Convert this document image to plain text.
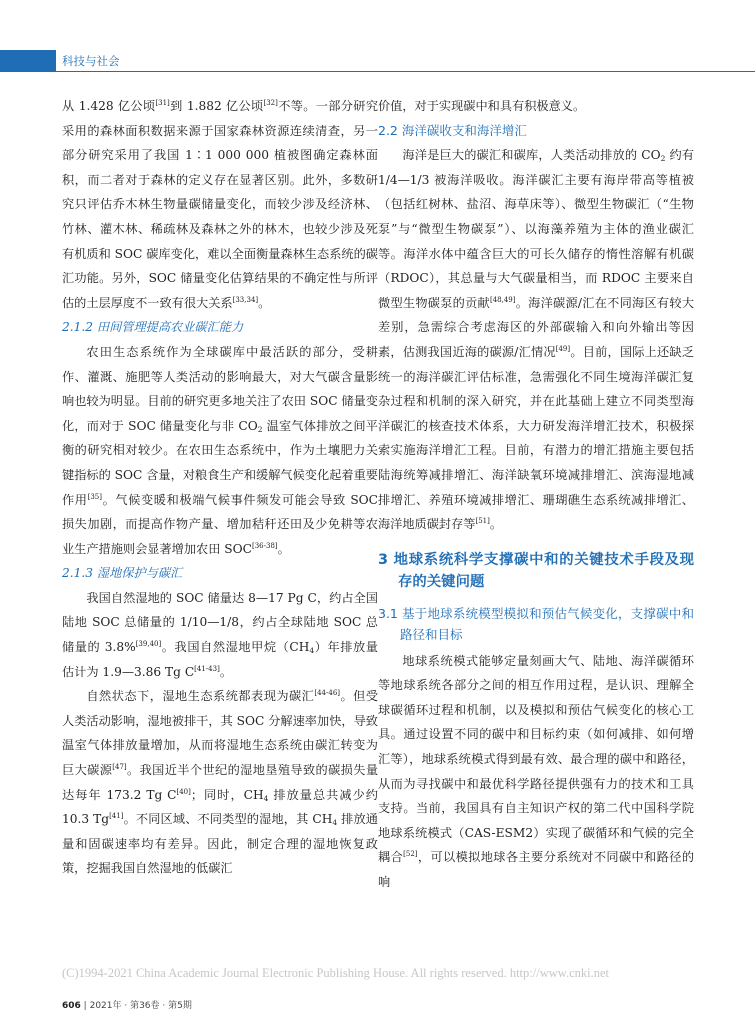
科技与社会

从 1.428 亿公顷[31]到 1.882 亿公顷[32]不等。一部分研究采用的森林面积数据来源于国家森林资源连续清查，另一部分研究采用了我国 1∶1 000 000 植被图确定森林面积，而二者对于森林的定义存在显著区别。此外，多数研究只评估乔木林生物量碳储量变化，而较少涉及经济林、竹林、灌木林、稀疏林及森林之外的林木，也较少涉及死有机质和 SOC 碳库变化，难以全面衡量森林生态系统的碳汇功能。另外，SOC 储量变化估算结果的不确定性与所评估的土层厚度不一致有很大关系[33,34]。

2.1.2 田间管理提高农业碳汇能力

农田生态系统作为全球碳库中最活跃的部分，受耕作、灌溉、施肥等人类活动的影响最大，对大气碳含量影响也较为明显。目前的研究更多地关注了农田 SOC 储量变化，而对于 SOC 储量变化与非 $CO_2$ 温室气体排放之间平衡的研究相对较少。在农田生态系统中，作为土壤肥力关键指标的 SOC 含量，对粮食生产和缓解气候变化起着重要作用[35]。气候变暖和极端气候事件频发可能会导致 SOC 损失加剧，而提高作物产量、增加秸秆还田及少免耕等农业生产措施则会显著增加农田 SOC[36-38]。

2.1.3 湿地保护与碳汇

我国自然湿地的 SOC 储量达 8—17 Pg C，约占全国陆地 SOC 总储量的 1/10—1/8，约占全球陆地 SOC 总储量的 3.8%[39,40]。我国自然湿地甲烷$(CH_4)$年排放量估计为 1.9—3.86 Tg C[41-43]。

自然状态下，湿地生态系统都表现为碳汇[44-46]。但受人类活动影响，湿地被排干，其 SOC 分解速率加快，导致温室气体排放量增加，从而将湿地生态系统由碳汇转变为巨大碳源[47]。我国近半个世纪的湿地垦殖导致的碳损失量达每年 173.2 Tg C[40]；同时，$CH_4$ 排放量总共减少约 10.3 Tg[41]。不同区域、不同类型的湿地，其 $CH_4$ 排放通量和固碳速率均有差异。因此，制定合理的湿地恢复政策，挖掘我国自然湿地的低碳汇

价值，对于实现碳中和具有积极意义。

2.2 海洋碳收支和海洋增汇

海洋是巨大的碳汇和碳库，人类活动排放的 $CO_2$ 约有 1/4—1/3 被海洋吸收。海洋碳汇主要有海岸带高等植被（包括红树林、盐沼、海草床等）、微型生物碳汇（“生物泵”与“微型生物碳泵”）、以海藻养殖为主体的渔业碳汇等。海洋水体中蕴含巨大的可长久储存的惰性溶解有机碳（RDOC），其总量与大气碳量相当，而 RDOC 主要来自微型生物碳泵的贡献[48,49]。海洋碳源/汇在不同海区有较大差别，急需综合考虑海区的外部碳输入和向外输出等因素，估测我国近海的碳源/汇情况[49]。目前，国际上还缺乏统一的海洋碳汇评估标准，急需强化不同生境海洋碳汇复杂过程和机制的深入研究，并在此基础上建立不同类型海洋碳汇的核查技术体系，大力研发海洋增汇技术，积极探索实施海洋增汇工程。目前，有潜力的增汇措施主要包括陆海统筹减排增汇、海洋缺氧环境减排增汇、滨海湿地减排增汇、养殖环境减排增汇、珊瑚礁生态系统减排增汇、海洋地质碳封存等[51]。

3 地球系统科学支撑碳中和的关键技术手段及现存的关键问题
3.1 基于地球系统模型模拟和预估气候变化，支撑碳中和路径和目标

地球系统模式能够定量刻画大气、陆地、海洋碳循环等地球系统各部分之间的相互作用过程，是认识、理解全球碳循环过程和机制，以及模拟和预估气候变化的核心工具。通过设置不同的碳中和目标约束（如何减排、如何增汇等），地球系统模式得到最有效、最合理的碳中和路径，从而为寻找碳中和最优科学路径提供强有力的技术和工具支持。当前，我国具有自主知识产权的第二代中国科学院地球系统模式（CAS-ESM2）实现了碳循环和气候的完全耦合[52]，可以模拟地球各主要分系统对不同碳中和路径的响

(C)1994-2021 China Academic Journal Electronic Publishing House. All rights reserved. http://www.cnki.net
606 | 2021年 · 第36卷 · 第5期
